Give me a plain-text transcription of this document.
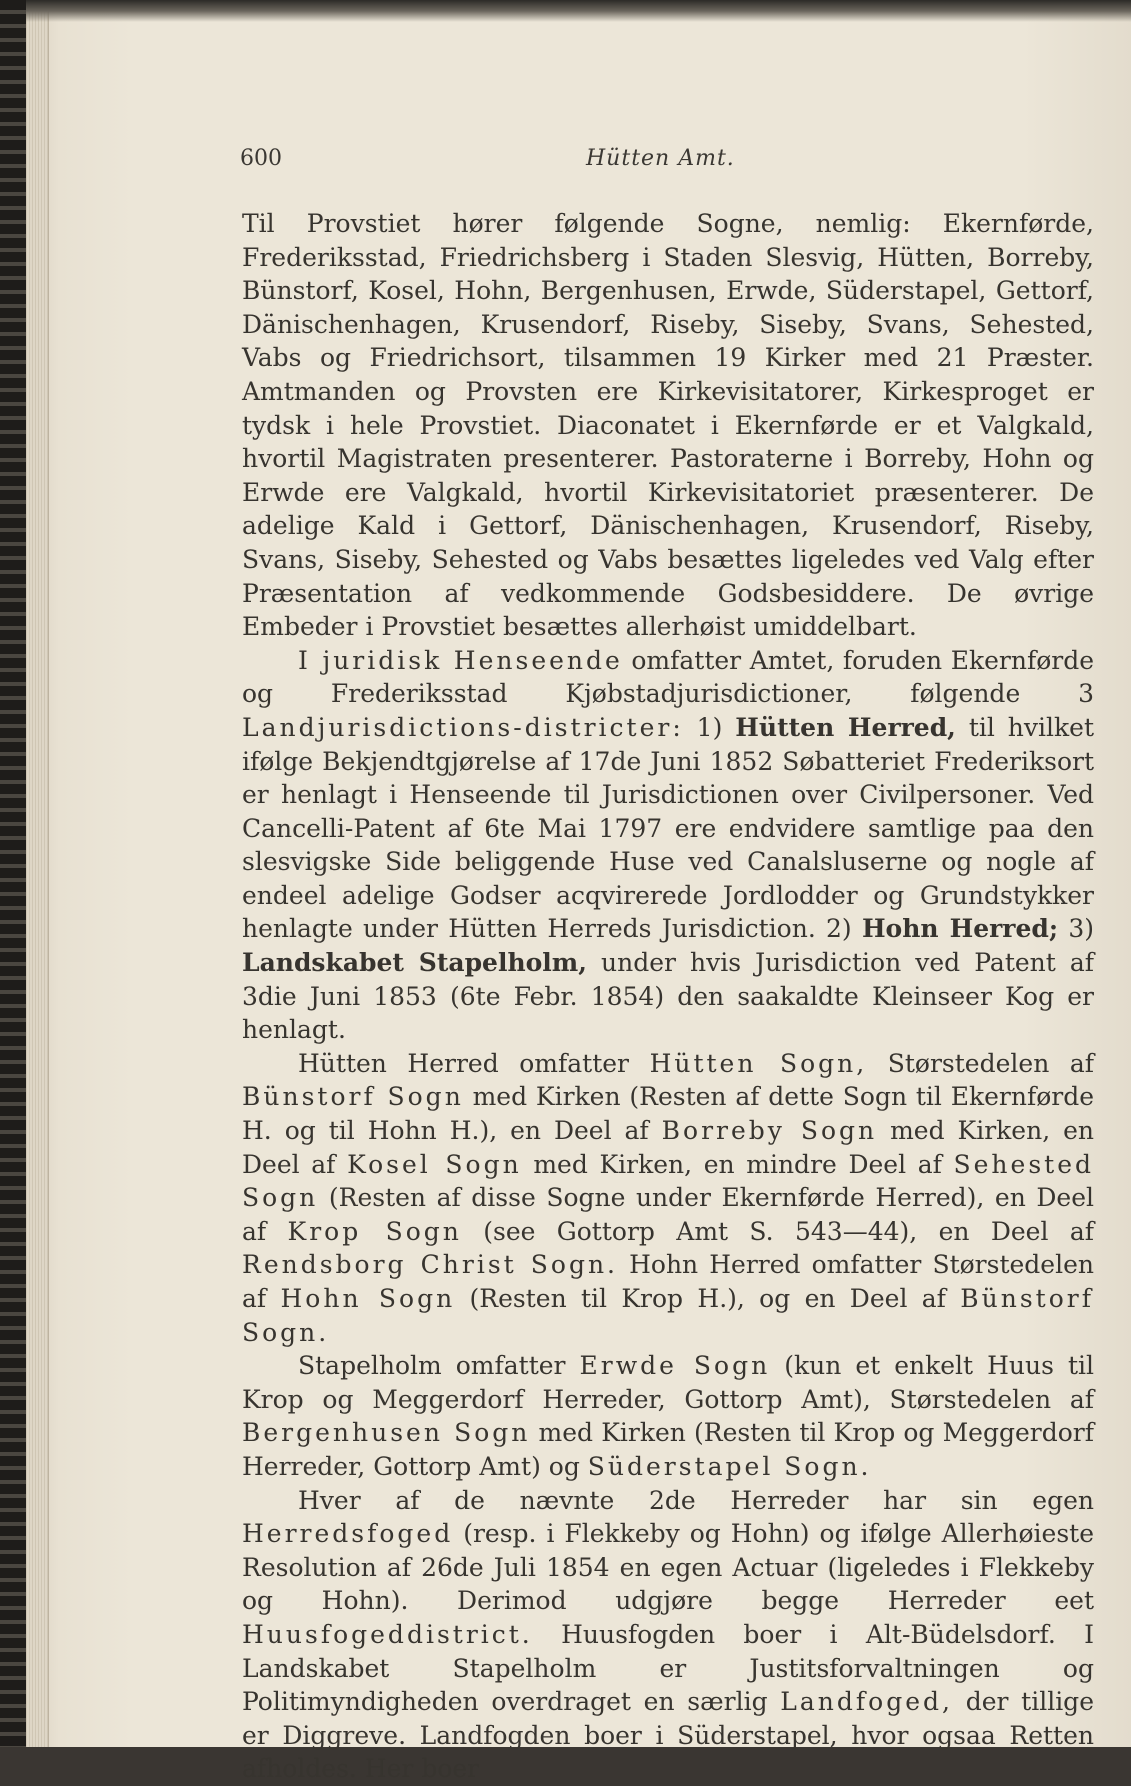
600	Hütten Amt.

Til Provstiet hører følgende Sogne, nemlig: Ekernførde, Frederiksstad, Friedrichsberg i Staden Slesvig, Hütten, Borreby, Bünstorf, Kosel, Hohn, Bergenhusen, Erwde, Süderstapel, Gettorf, Dänischenhagen, Krusendorf, Riseby, Siseby, Svans, Sehested, Vabs og Friedrichsort, tilsammen 19 Kirker med 21 Præster. Amtmanden og Provsten ere Kirkevisitatorer, Kirkesproget er tydsk i hele Provstiet. Diaconatet i Ekernførde er et Valgkald, hvortil Magistraten presenterer. Pastoraterne i Borreby, Hohn og Erwde ere Valgkald, hvortil Kirkevisitatoriet præsenterer. De adelige Kald i Gettorf, Dänischenhagen, Krusendorf, Riseby, Svans, Siseby, Sehested og Vabs besættes ligeledes ved Valg efter Præsentation af vedkommende Godsbesiddere. De øvrige Embeder i Provstiet besættes allerhøist umiddelbart.

I juridisk Henseende omfatter Amtet, foruden Ekernførde og Frederiksstad Kjøbstadjurisdictioner, følgende 3 Landjurisdictions-districter: 1) Hütten Herred, til hvilket ifølge Bekjendtgjørelse af 17de Juni 1852 Søbatteriet Frederiksort er henlagt i Henseende til Jurisdictionen over Civilpersoner. Ved Cancelli-Patent af 6te Mai 1797 ere endvidere samtlige paa den slesvigske Side beliggende Huse ved Canalsluserne og nogle af endeel adelige Godser acqvirerede Jordlodder og Grundstykker henlagte under Hütten Herreds Jurisdiction. 2) Hohn Herred; 3) Landskabet Stapelholm, under hvis Jurisdiction ved Patent af 3die Juni 1853 (6te Febr. 1854) den saakaldte Kleinseer Kog er henlagt.

Hütten Herred omfatter Hütten Sogn, Størstedelen af Bünstorf Sogn med Kirken (Resten af dette Sogn til Ekernførde H. og til Hohn H.), en Deel af Borreby Sogn med Kirken, en Deel af Kosel Sogn med Kirken, en mindre Deel af Sehested Sogn (Resten af disse Sogne under Ekernførde Herred), en Deel af Krop Sogn (see Gottorp Amt S. 543—44), en Deel af Rendsborg Christ Sogn. Hohn Herred omfatter Størstedelen af Hohn Sogn (Resten til Krop H.), og en Deel af Bünstorf Sogn.

Stapelholm omfatter Erwde Sogn (kun et enkelt Huus til Krop og Meggerdorf Herreder, Gottorp Amt), Størstedelen af Bergenhusen Sogn med Kirken (Resten til Krop og Meggerdorf Herreder, Gottorp Amt) og Süderstapel Sogn.

Hver af de nævnte 2de Herreder har sin egen Herredsfoged (resp. i Flekkeby og Hohn) og ifølge Allerhøieste Resolution af 26de Juli 1854 en egen Actuar (ligeledes i Flekkeby og Hohn). Derimod udgjøre begge Herreder eet Huusfogeddistrict. Huusfogden boer i Alt-Büdelsdorf. I Landskabet Stapelholm er Justitsforvaltningen og Politimyndigheden overdraget en særlig Landfoged, der tillige er Diggreve. Landfogden boer i Süderstapel, hvor ogsaa Retten afholdes. Her boer
